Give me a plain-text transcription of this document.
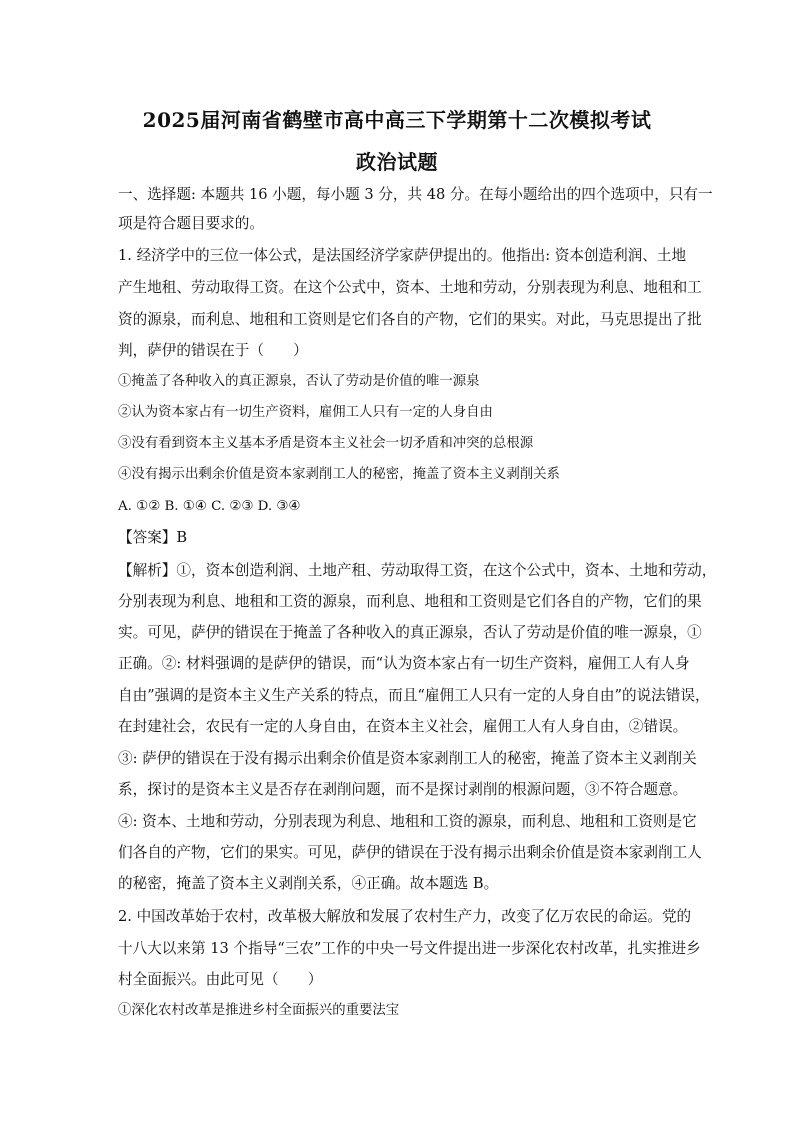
2025届河南省鹤壁市高中高三下学期第十二次模拟考试
政治试题
一、选择题: 本题共 16 小题，每小题 3 分，共 48 分。在每小题给出的四个选项中，只有一
项是符合题目要求的。
1. 经济学中的三位一体公式，是法国经济学家萨伊提出的。他指出: 资本创造利润、土地
产生地租、劳动取得工资。在这个公式中，资本、土地和劳动，分别表现为利息、地租和工
资的源泉，而利息、地租和工资则是它们各自的产物，它们的果实。对此，马克思提出了批
判，萨伊的错误在于（　　）
①掩盖了各种收入的真正源泉，否认了劳动是价值的唯一源泉
②认为资本家占有一切生产资料，雇佣工人只有一定的人身自由
③没有看到资本主义基本矛盾是资本主义社会一切矛盾和冲突的总根源
④没有揭示出剩余价值是资本家剥削工人的秘密，掩盖了资本主义剥削关系
A. ①② B. ①④ C. ②③ D. ③④
【答案】B
【解析】①，资本创造利润、土地产租、劳动取得工资，在这个公式中，资本、土地和劳动，
分别表现为利息、地租和工资的源泉，而利息、地租和工资则是它们各自的产物，它们的果
实。可见，萨伊的错误在于掩盖了各种收入的真正源泉，否认了劳动是价值的唯一源泉，①
正确。②: 材料强调的是萨伊的错误，而“认为资本家占有一切生产资料，雇佣工人有人身
自由”强调的是资本主义生产关系的特点，而且“雇佣工人只有一定的人身自由”的说法错误，
在封建社会，农民有一定的人身自由，在资本主义社会，雇佣工人有人身自由，②错误。
③: 萨伊的错误在于没有揭示出剩余价值是资本家剥削工人的秘密，掩盖了资本主义剥削关
系，探讨的是资本主义是否存在剥削问题，而不是探讨剥削的根源问题，③不符合题意。
④: 资本、土地和劳动，分别表现为利息、地租和工资的源泉，而利息、地租和工资则是它
们各自的产物，它们的果实。可见，萨伊的错误在于没有揭示出剩余价值是资本家剥削工人
的秘密，掩盖了资本主义剥削关系，④正确。故本题选 B。
2. 中国改革始于农村，改革极大解放和发展了农村生产力，改变了亿万农民的命运。党的
十八大以来第 13 个指导“三农”工作的中央一号文件提出进一步深化农村改革，扎实推进乡
村全面振兴。由此可见（　　）
①深化农村改革是推进乡村全面振兴的重要法宝
